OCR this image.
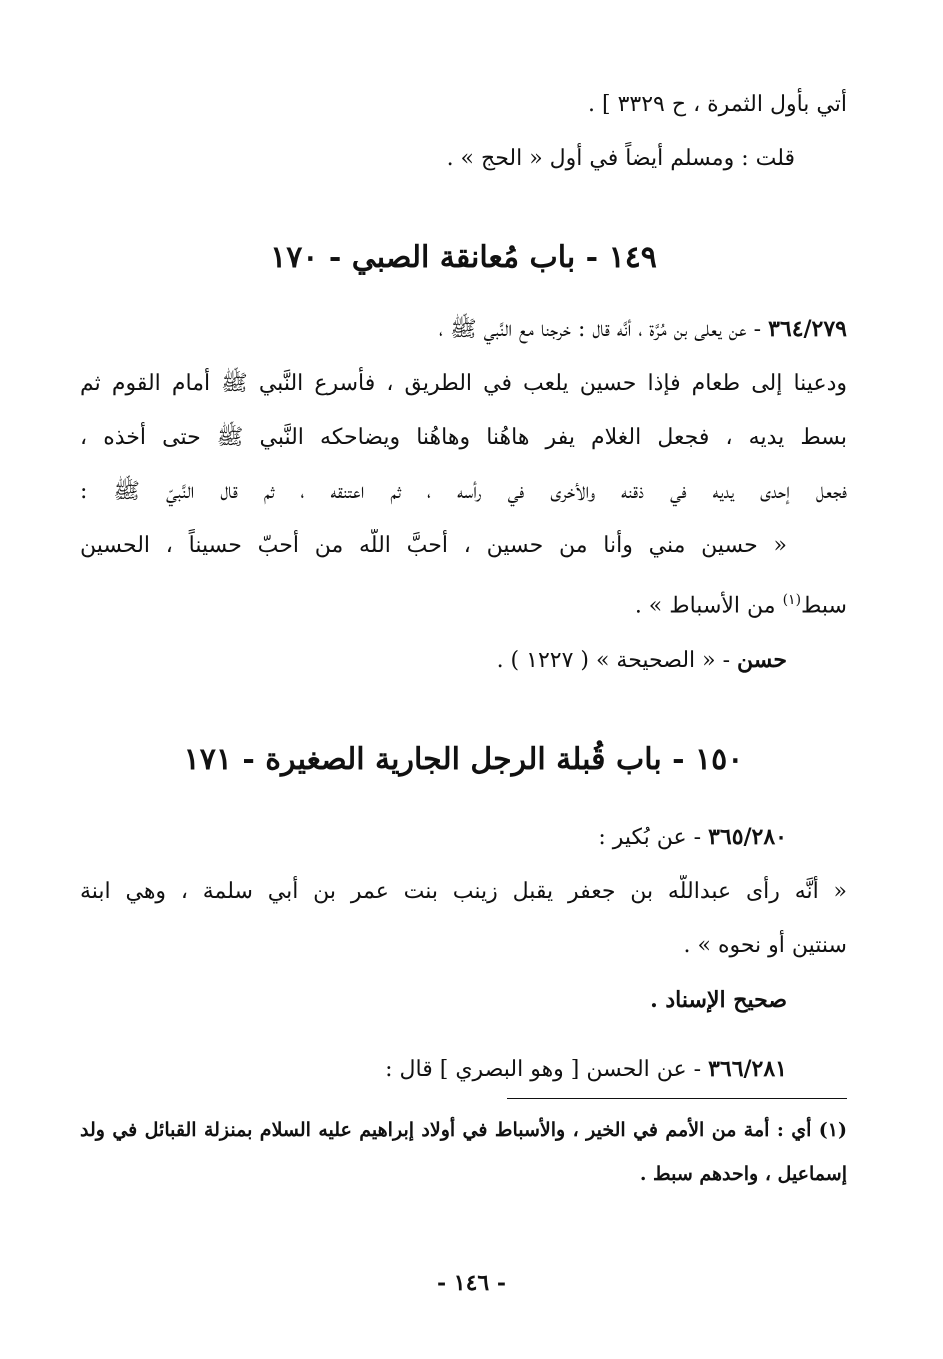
أتي بأول الثمرة ، ح ٣٣٢٩ ] .
قلت : ومسلم أيضاً في أول « الحج » .
١٤٩ - باب مُعانقة الصبي - ١٧٠
٣٦٤/٢٧٩ - عن يعلى بن مُرَّة ، أنَّه قال : خرجنا مع النَّبي ﷺ ،
ودعينا إلى طعام فإذا حسين يلعب في الطريق ، فأسرع النَّبي ﷺ أمام القوم ثم
بسط يديه ، فجعل الغلام يفر هاهُنا وهاهُنا ويضاحكه النَّبي ﷺ حتى أخذه ،
فجعل إحدى يديه في ذقنه والأخرى في رأسه ، ثم اعتنقه ، ثم قال النَّبيّ ﷺ :
« حسين مني وأنا من حسين ، أحبَّ اللَّه من أحبّ حسيناً ، الحسين
سبط$^{(١)}$ من الأسباط » .
حسن - « الصحيحة » ( ١٢٢٧ ) .
١٥٠ - باب قُبلة الرجل الجارية الصغيرة - ١٧١
٣٦٥/٢٨٠ - عن بُكير :
« أنَّه رأى عبداللَّه بن جعفر يقبل زينب بنت عمر بن أبي سلمة ، وهي ابنة
سنتين أو نحوه » .
صحيح الإسناد .
٣٦٦/٢٨١ - عن الحسن [ وهو البصري ] قال :
(١) أي : أمة من الأمم في الخير ، والأسباط في أولاد إبراهيم عليه السلام بمنزلة القبائل في ولد
إسماعيل ، واحدهم سبط .
- ١٤٦ -
